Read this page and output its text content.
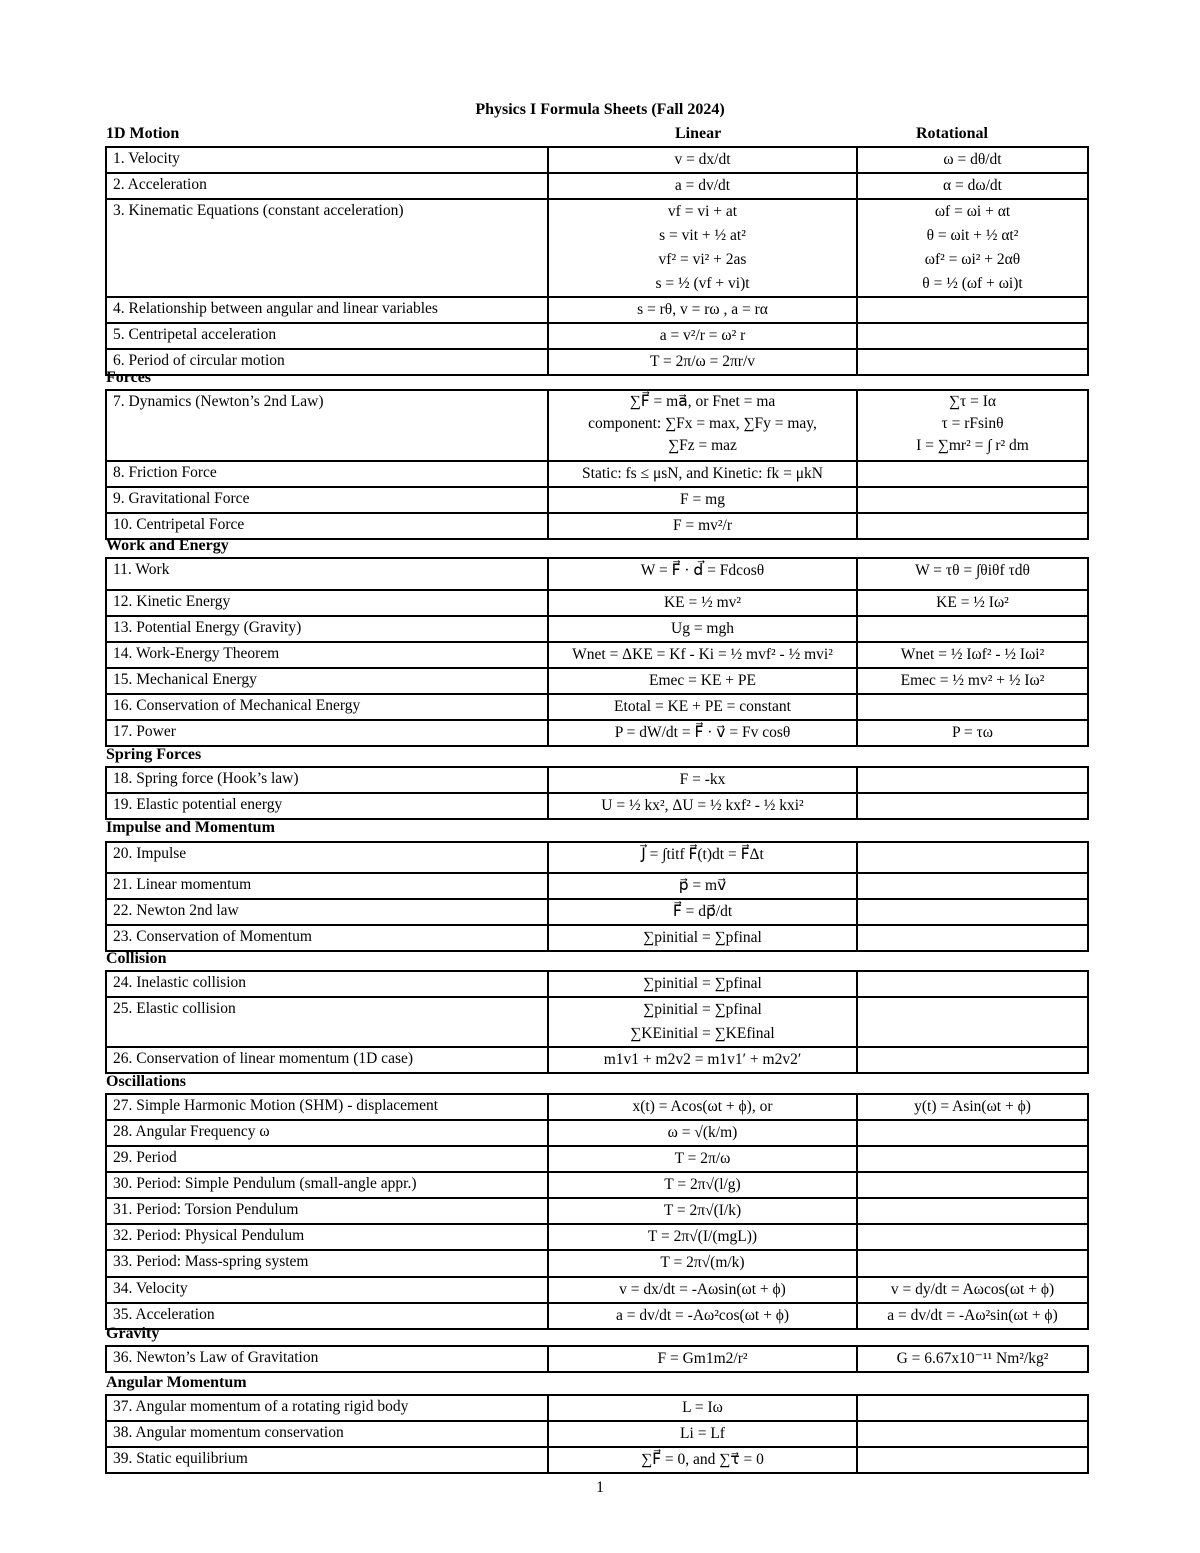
Physics I Formula Sheets (Fall 2024)
1D Motion	Linear	Rotational
1. Velocity	v = dx/dt	ω = dθ/dt

2. Acceleration	a = dv/dt	α = dω/dt

3. Kinematic Equations (constant acceleration)	vf = vi + at
s = vit + ½ at²
vf² = vi² + 2as
s = ½ (vf + vi)t	ωf = ωi + αt
θ = ωit + ½ αt²
ωf² = ωi² + 2αθ
θ = ½ (ωf + ωi)t

4. Relationship between angular and linear variables	s = rθ, v = rω , a = rα	

5. Centripetal acceleration	a = v²/r = ω² r	

6. Period of circular motion	T = 2π/ω = 2πr/v	

Forces
7. Dynamics (Newton’s 2nd Law)	∑F⃗ = ma⃗, or Fnet = ma
component: ∑Fx = max, ∑Fy = may,
∑Fz = maz	∑τ = Iα
τ = rFsinθ
I = ∑mr² = ∫ r² dm

8. Friction Force	Static: fs ≤ μsN, and Kinetic: fk = μkN	

9. Gravitational Force	F = mg	

10. Centripetal Force	F = mv²/r	

Work and Energy
11. Work	W = F⃗ · d⃗ = Fdcosθ	W = τθ = ∫θiθf τdθ

12. Kinetic Energy	KE = ½ mv²	KE = ½ Iω²

13. Potential Energy (Gravity)	Ug = mgh	

14. Work-Energy Theorem	Wnet = ΔKE = Kf - Ki = ½ mvf² - ½ mvi²	Wnet = ½ Iωf² - ½ Iωi²

15. Mechanical Energy	Emec = KE + PE	Emec = ½ mv² + ½ Iω²

16. Conservation of Mechanical Energy	Etotal = KE + PE = constant	

17. Power	P = dW/dt = F⃗ · v⃗ = Fv cosθ	P = τω
Spring Forces
18. Spring force (Hook’s law)	F = -kx	

19. Elastic potential energy	U = ½ kx², ΔU = ½ kxf² - ½ kxi²	

Impulse and Momentum
20. Impulse	J⃗ = ∫titf F⃗(t)dt = F⃗Δt	

21. Linear momentum	p⃗ = mv⃗	

22. Newton 2nd law	F⃗ = dp⃗/dt	

23. Conservation of Momentum	∑pinitial = ∑pfinal	

Collision
24. Inelastic collision	∑pinitial = ∑pfinal	

25. Elastic collision	∑pinitial = ∑pfinal
∑KEinitial = ∑KEfinal	

26. Conservation of linear momentum (1D case)	m1v1 + m2v2 = m1v1′ + m2v2′	

Oscillations
27. Simple Harmonic Motion (SHM) - displacement	x(t) = Acos(ωt + ϕ), or	y(t) = Asin(ωt + ϕ)

28. Angular Frequency ω	ω = √(k/m)	

29. Period	T = 2π/ω	

30. Period: Simple Pendulum (small-angle appr.)	T = 2π√(l/g)	

31. Period: Torsion Pendulum	T = 2π√(I/k)	

32. Period: Physical Pendulum	T = 2π√(I/(mgL))	

33. Period: Mass-spring system	T = 2π√(m/k)	

34. Velocity	v = dx/dt = -Aωsin(ωt + ϕ)	v = dy/dt = Aωcos(ωt + ϕ)

35. Acceleration	a = dv/dt = -Aω²cos(ωt + ϕ)	a = dv/dt = -Aω²sin(ωt + ϕ)
Gravity
36. Newton’s Law of Gravitation	F = Gm1m2/r²	G = 6.67x10⁻¹¹ Nm²/kg²
Angular Momentum
37. Angular momentum of a rotating rigid body	L = Iω	

38. Angular momentum conservation	Li = Lf	

39. Static equilibrium	∑F⃗ = 0, and ∑τ⃗ = 0	

1
